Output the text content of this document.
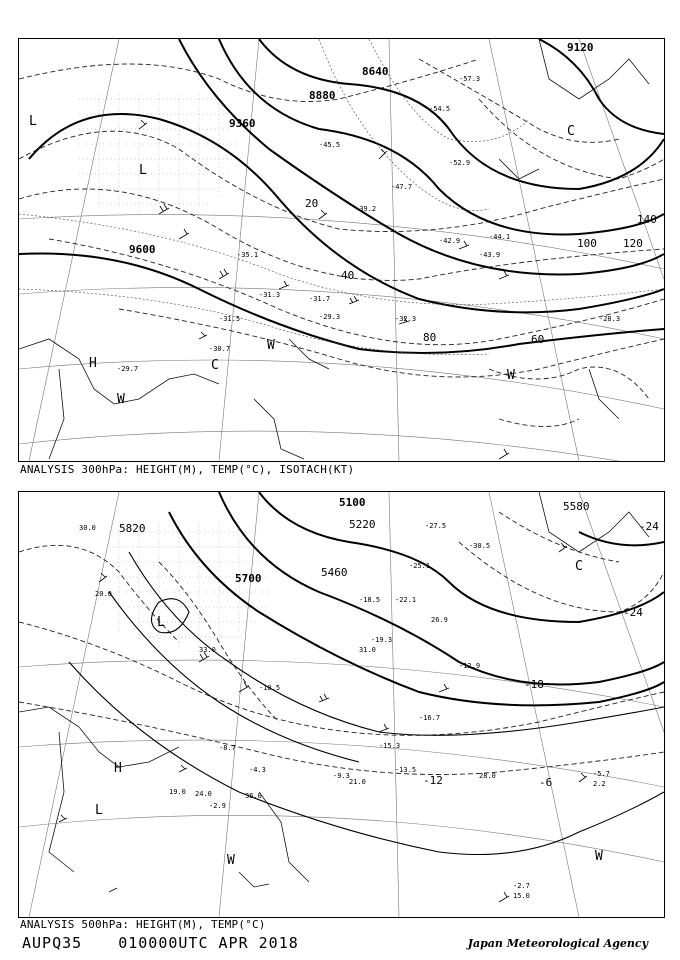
8640
8880
9120
9360
9600
20
40
60
80
100 120
140
L
L
H	C
W
C
W
W
-57.3
-54.5
-52.9
-47.7
-45.5
-43.9
-42.9	-44.1
-39.2
-35.1
-31.3
-30.7
-29.7
-29.3	-28.3
-31.5
-31.7
-32.3
ANALYSIS 300hPa: HEIGHT(M), TEMP(°C), ISOTACH(KT)
5100
5220
5460
5580
5700
5820	-24
-24
-18
-12	-6
L
H
L
W	W
C
-27.5
-30.5
-25.1
-22.1
-19.3
-18.5
-16.7
-15.3
-13.5
-12.9
-10.5
-9.3
-8.7
-5.7
-4.3
-2.9
-2.7
2.2
15.0
19.0
20.0
21.0
24.0
26.9
28.0
30.0
31.0
33.0
36.0
ANALYSIS 500hPa: HEIGHT(M), TEMP(°C)
AUPQ35 010000UTC APR 2018	Japan Meteorological Agency
